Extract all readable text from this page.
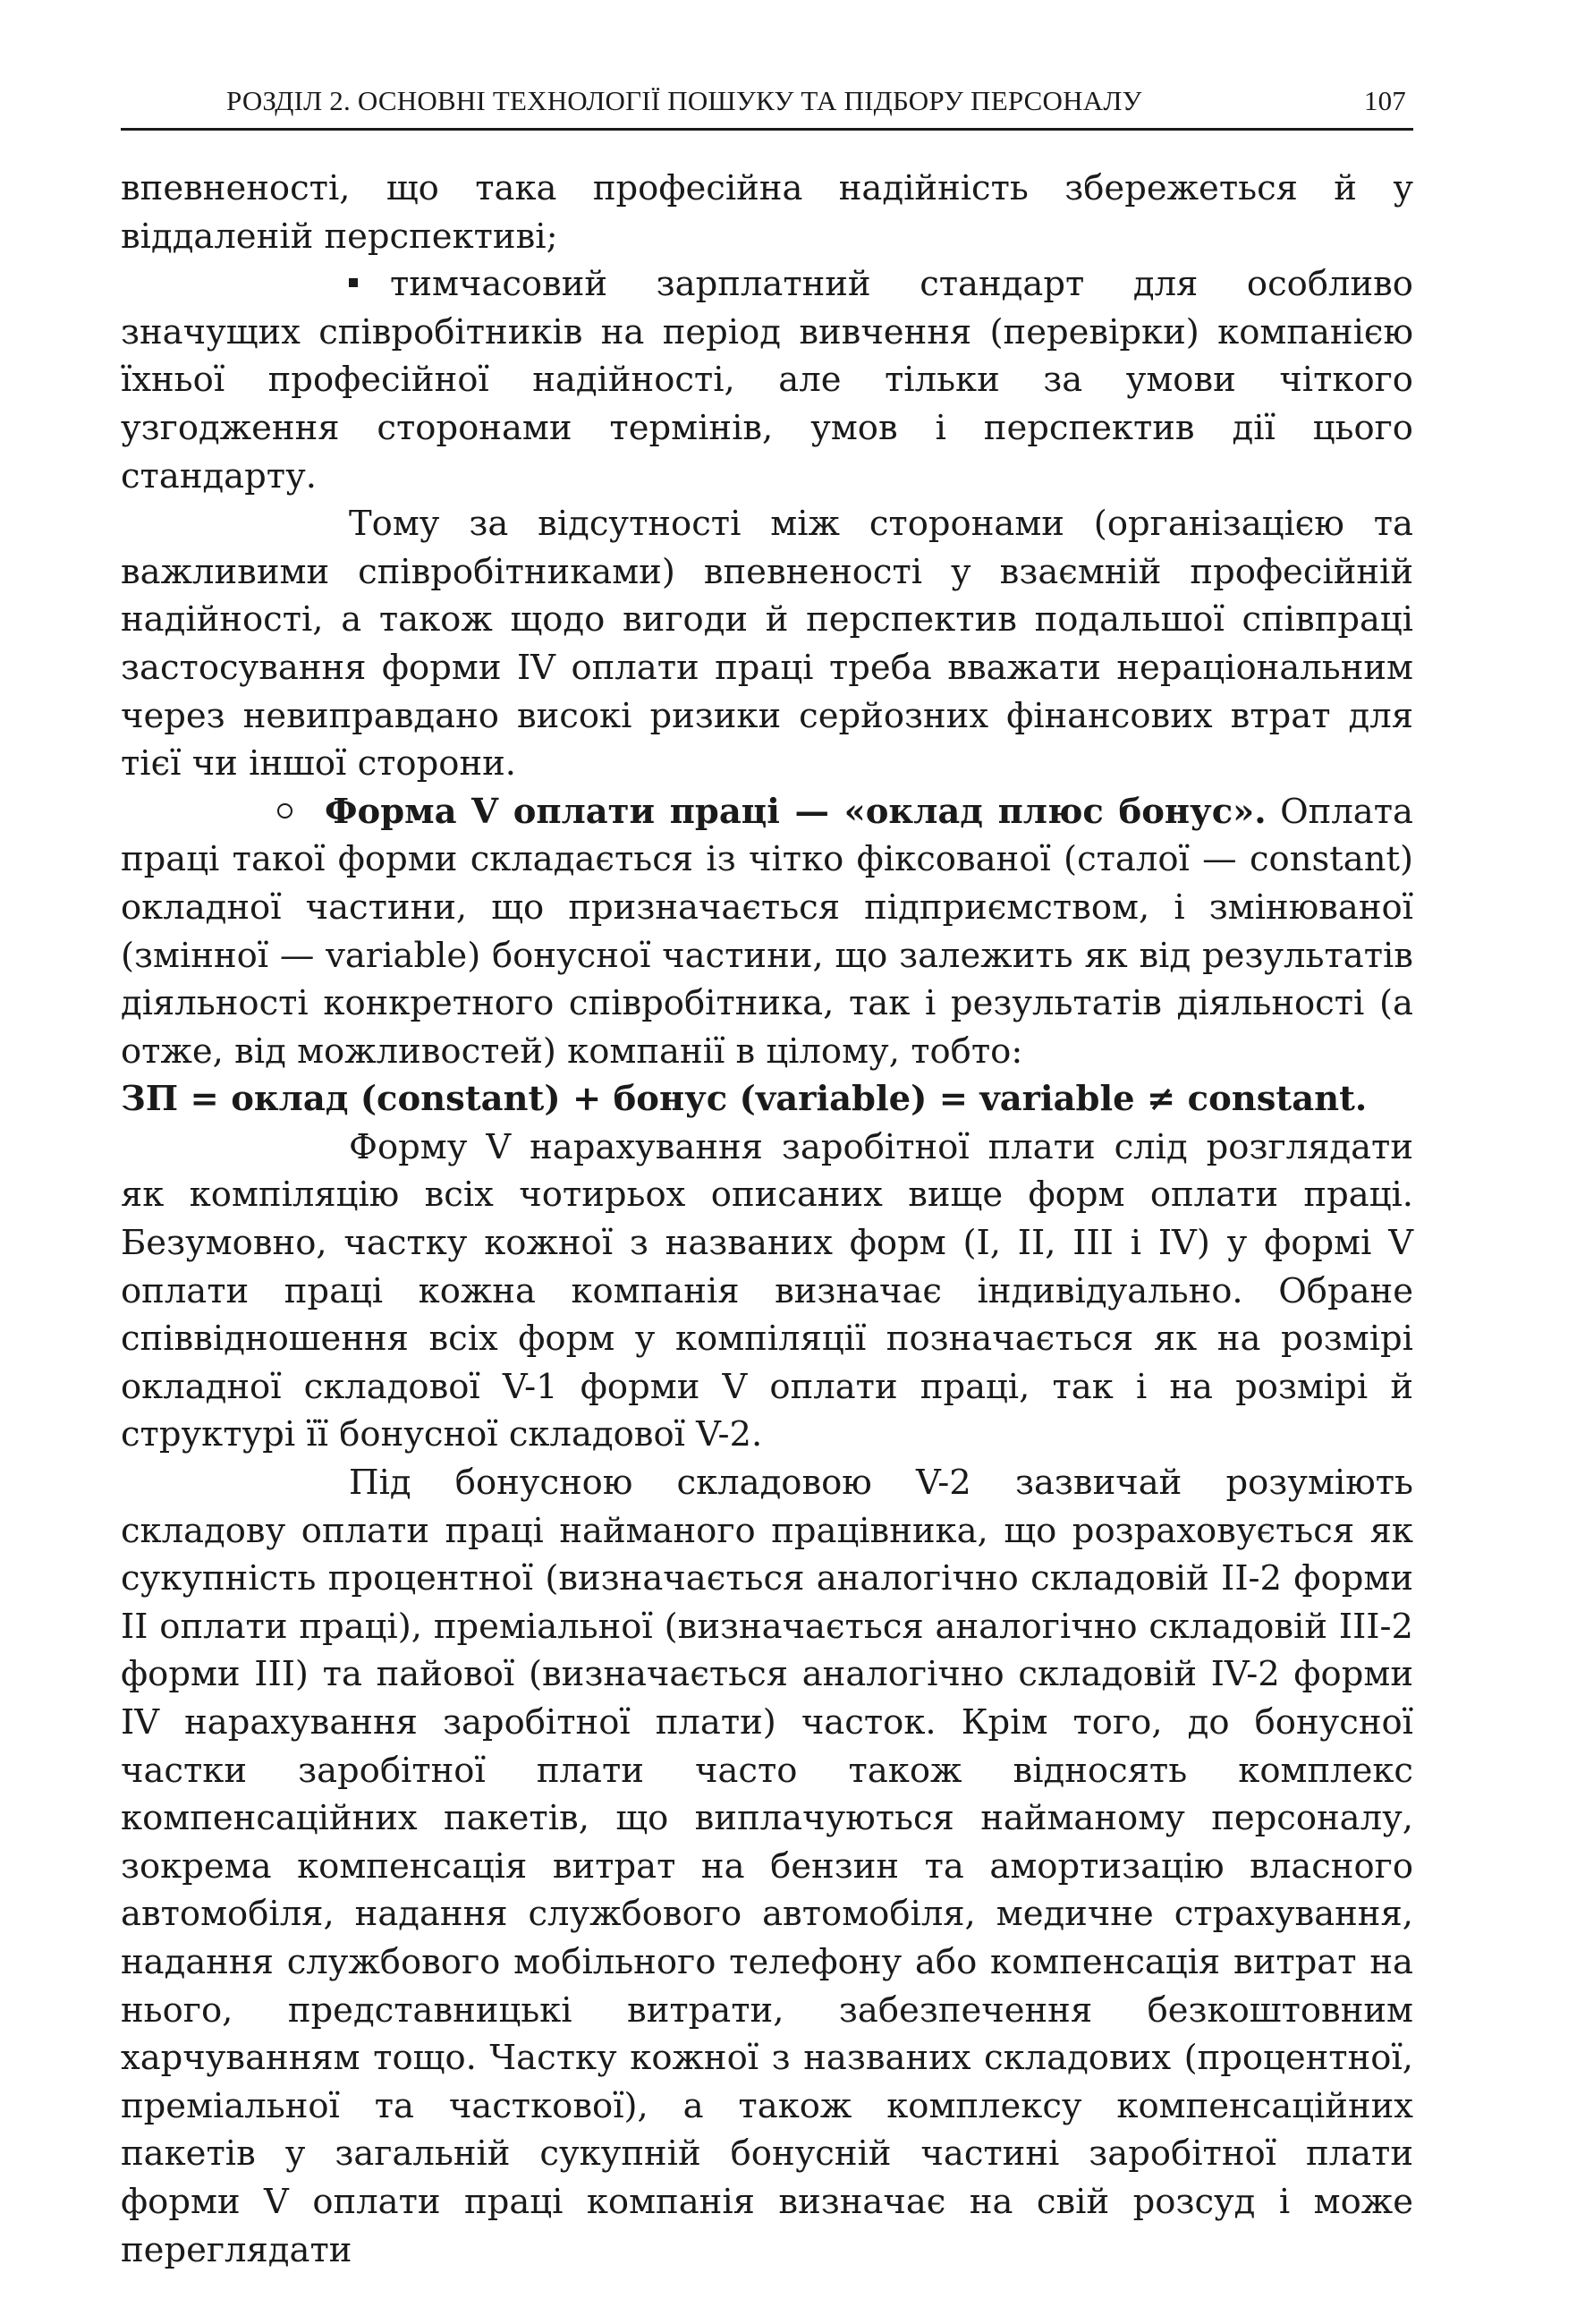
РОЗДІЛ 2. ОСНОВНІ ТЕХНОЛОГІЇ ПОШУКУ ТА ПІДБОРУ ПЕРСОНАЛУ	107

впевненості, що така професійна надійність збережеться й у віддаленій перспективі;

тимчасовий зарплатний стандарт для особливо значущих співробітників на період вивчення (перевірки) компанією їхньої професійної надійності, але тільки за умови чіткого узгодження сторонами термінів, умов і перспектив дії цього стандарту.

Тому за відсутності між сторонами (організацією та важливими співробітниками) впевненості у взаємній професійній надійності, а також щодо вигоди й перспектив подальшої співпраці застосування форми IV оплати праці треба вважати нераціональним через невиправдано високі ризики серйозних фінансових втрат для тієї чи іншої сторони.

Форма V оплати праці — «оклад плюс бонус». Оплата праці такої форми складається із чітко фіксованої (сталої — constant) окладної частини, що призначається підприємством, і змінюваної (змінної — variable) бонусної частини, що залежить як від результатів діяльності конкретного співробітника, так і результатів діяльності (а отже, від можливостей) компанії в цілому, тобто:

ЗП = оклад (constant) + бонус (variable) = variable ≠ constant.

Форму V нарахування заробітної плати слід розглядати як компіляцію всіх чотирьох описаних вище форм оплати праці. Безумовно, частку кожної з названих форм (I, II, III і IV) у формі V оплати праці кожна компанія визначає індивідуально. Обране співвідношення всіх форм у компіляції позначається як на розмірі окладної складової V-1 форми V оплати праці, так і на розмірі й структурі її бонусної складової V-2.

Під бонусною складовою V-2 зазвичай розуміють складову оплати праці найманого працівника, що розраховується як сукупність процентної (визначається аналогічно складовій II-2 форми II оплати праці), преміальної (визначається аналогічно складовій III-2 форми III) та пайової (визначається аналогічно складовій IV-2 форми IV нарахування заробітної плати) часток. Крім того, до бонусної частки заробітної плати часто також відносять комплекс компенсаційних пакетів, що виплачуються найманому персоналу, зокрема компенсація витрат на бензин та амортизацію власного автомобіля, надання службового автомобіля, медичне страхування, надання службового мобільного телефону або компенсація витрат на нього, представницькі витрати, забезпечення безкоштовним харчуванням тощо. Частку кожної з названих складових (процентної, преміальної та часткової), а також комплексу компенсаційних пакетів у загальній сукупній бонусній частині заробітної плати форми V оплати праці компанія визначає на свій розсуд і може переглядати
